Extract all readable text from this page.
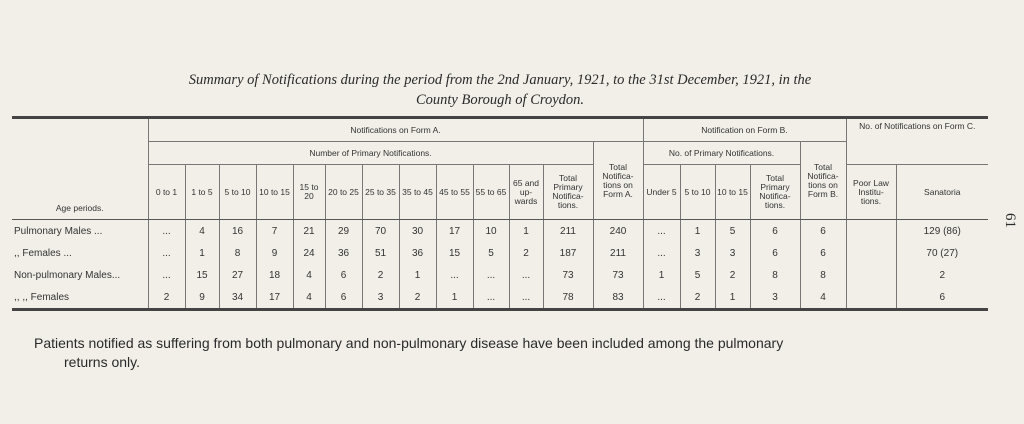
Summary of Notifications during the period from the 2nd January, 1921, to the 31st December, 1921, in the
County Borough of Croydon.
61
Age periods.	Notifications on Form A.													Notification on Form B.					No. of Notifications on Form C.	
	Number of Primary Notifications.												Total Notifica- tions on Form A.	No. of Primary Notifications.				Total Notifica- tions on Form B.		
	0 to 1	1 to 5	5 to 10	10 to 15	15 to 20	20 to 25	25 to 35	35 to 45	45 to 55	55 to 65	65 and up- wards	Total Primary Notifica- tions.		Under 5	5 to 10	10 to 15	Total Primary Notifica- tions.		Poor Law Institu- tions.	Sanatoria
Pulmonary Males ...	...	4	16	7	21	29	70	30	17	10	1	211	240	...	1	5	6	6		129 (86)
,, Females ...	...	1	8	9	24	36	51	36	15	5	2	187	211	...	3	3	6	6		70 (27)
Non-pulmonary Males...	...	15	27	18	4	6	2	1	...	...	...	73	73	1	5	2	8	8		2
,, ,, Females	2	9	34	17	4	6	3	2	1	...	...	78	83	...	2	1	3	4		6
Patients notified as suffering from both pulmonary and non-pulmonary disease have been included among the pulmonary
returns only.
